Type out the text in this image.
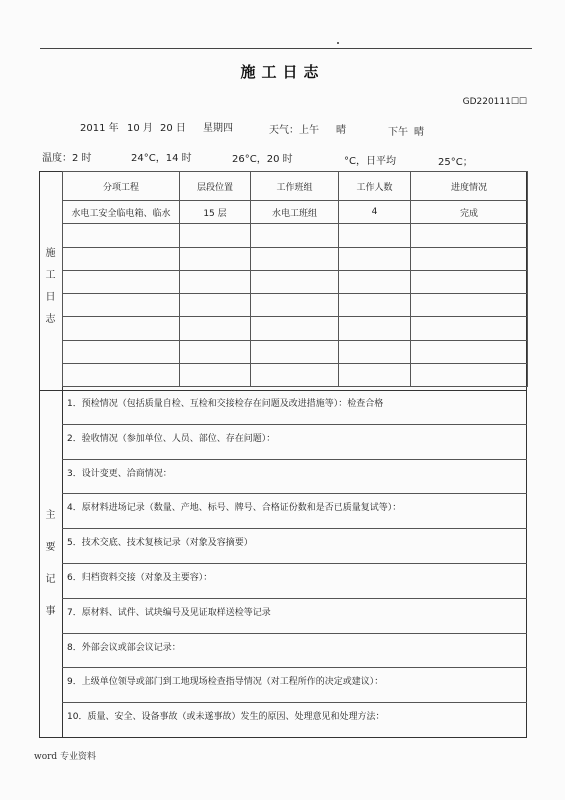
施工日志
GD220111☐☐
2011 年 10 月 20 日 星期四	天气：上午 晴	下午 晴
温度：2 时	24°C，14 时	26°C，20 时	°C，日平均	25°C；
分项工程	层段位置	工作班组	工作人数	进度情况
水电工安全临电箱、临水	15 层	水电工班组	4	完成

施
工
日
志
主
要
记
事
1．预检情况（包括质量自检、互检和交接检存在问题及改进措施等）：检查合格
2．验收情况（参加单位、人员、部位、存在问题）：
3．设计变更、洽商情况：
4．原材料进场记录（数量、产地、标号、牌号、合格证份数和是否已质量复试等）：
5．技术交底、技术复核记录（对象及容摘要）
6．归档资料交接（对象及主要容）：
7．原材料、试件、试块编号及见证取样送检等记录
8．外部会议或部会议记录：
9．上级单位领导或部门到工地现场检查指导情况（对工程所作的决定或建议）：
10．质量、安全、设备事故（或未遂事故）发生的原因、处理意见和处理方法：
word 专业资料
